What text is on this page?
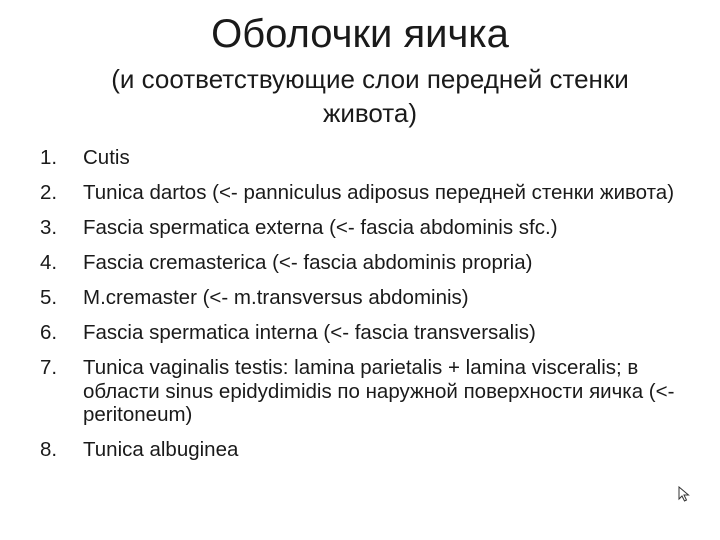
Оболочки яичка
(и соответствующие слои передней стенки живота)
1. Cutis
2. Tunica dartos (<- panniculus adiposus передней стенки живота)
3. Fascia spermatica externa (<- fascia abdominis sfc.)
4. Fascia cremasterica (<- fascia abdominis propria)
5. M.cremaster (<- m.transversus abdominis)
6. Fascia spermatica interna (<- fascia transversalis)
7. Tunica vaginalis testis: lamina parietalis + lamina visceralis; в области sinus epidydimidis по наружной поверхности яичка (<- peritoneum)
8. Tunica albuginea
